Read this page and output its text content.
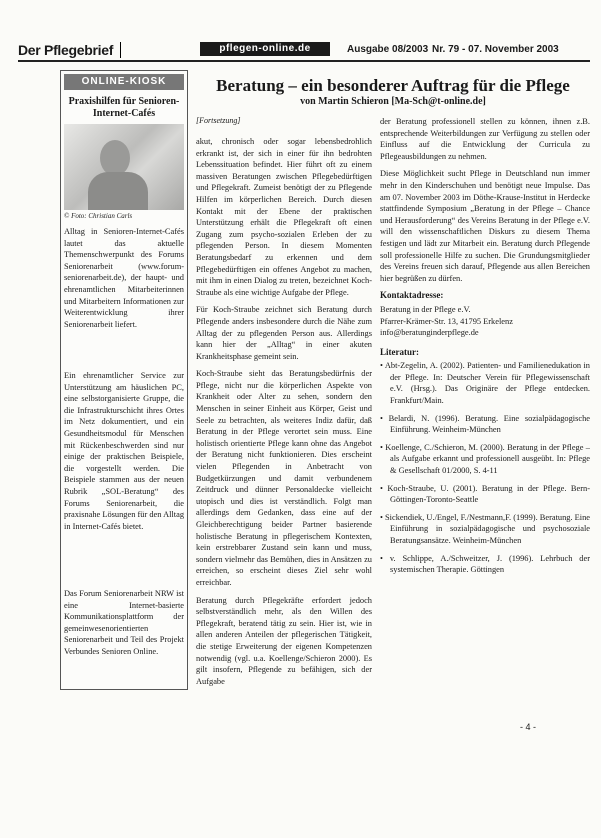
Der Pflegebrief	pflegen-online.de	Ausgabe 08/2003 Nr. 79 - 07. November 2003
ONLINE-KIOSK
Praxishilfen für Senioren-Internet-Cafés
© Foto: Christian Carls
Alltag in Senioren-Internet-Cafés lautet das aktuelle Themenschwerpunkt des Forums Seniorenarbeit (www.forum-seniorenarbeit.de), der haupt- und ehrenamtlichen Mitarbeiterinnen und Mitarbeitern Informationen zur Weiterentwicklung ihrer Seniorenarbeit liefert.
Ein ehrenamtlicher Service zur Unterstützung am häuslichen PC, eine selbstorganisierte Gruppe, die die Infrastrukturschicht ihres Ortes im Netz dokumentiert, und ein Gesundheitsmodul für Menschen mit Rückenbeschwerden sind nur einige der praktischen Beispiele, die vorgestellt werden. Die Beispiele stammen aus der neuen Rubrik „SOL-Beratung“ des Forums Seniorenarbeit, die praxisnahe Lösungen für den Alltag in Internet-Cafés bietet.
Das Forum Seniorenarbeit NRW ist eine Internet-basierte Kommunikationsplattform der gemeinwesenorientierten Seniorenarbeit und Teil des Projekt Verbundes Senioren Online.
Beratung – ein besonderer Auftrag für die Pflege
von Martin Schieron [Ma-Sch@t-online.de]
[Fortsetzung]

akut, chronisch oder sogar lebensbedrohlich erkrankt ist, der sich in einer für ihn bedrohten Lebenssituation befindet. Hier führt oft zu einem massiven Beratungen zwischen Pflegebedürftigen und Pflegekraft. Zumeist benötigt der zu Pflegende Hilfen im körperlichen Bereich. Durch diesen Kontakt mit der Ebene der praktischen Unterstützung erhält die Pflegekraft oft einen Zugang zum psycho-sozialen Erleben der zu pflegenden Person. In diesem Momenten Beratungsbedarf zu erkennen und dem Pflegebedürftigen ein offenes Angebot zu machen, mit ihm in einen Dialog zu treten, bezeichnet Koch-Straube als eine wichtige Aufgabe der Pflege.

Für Koch-Straube zeichnet sich Beratung durch Pflegende anders insbesondere durch die Nähe zum Alltag der zu pflegenden Person aus. Allerdings kann hier der „Alltag“ in einer akuten Krankheitsphase gemeint sein.

Koch-Straube sieht das Beratungsbedürfnis der Pflege, nicht nur die körperlichen Aspekte von Krankheit oder Alter zu sehen, sondern den Menschen in seiner Einheit aus Körper, Geist und Seele zu betrachten, als weiteres Indiz dafür, daß Beratung in der Pflege verortet sein muss. Eine holistisch orientierte Pflege kann ohne das Angebot der Beratung nicht funktionieren. Dies erscheint vielen Pflegenden in Anbetracht von Budgetkürzungen und damit verbundenem Zeitdruck und dünner Personaldecke vielleicht utopisch und dies ist verständlich. Folgt man allerdings dem Gedanken, dass eine auf der Gleichberechtigung beider Partner basierende holistische Beratung in pflegerischem Kontexten, kein erstrebbarer Zustand sein kann und muss, sondern vielmehr das Bemühen, dies in Ansätzen zu erreichen, so erscheint dieses Ziel sehr wohl erreichbar.

Beratung durch Pflegekräfte erfordert jedoch selbstverständlich mehr, als den Willen des Pflegekraft, beratend tätig zu sein. Hier ist, wie in allen anderen Anteilen der pflegerischen Tätigkeit, die stetige Erweiterung der eigenen Kompetenzen notwendig (vgl. u.a. Koellenge/Schieron 2000). Es gilt insofern, Pflegende zu befähigen, sich der Aufgabe

der Beratung professionell stellen zu können, ihnen z.B. entsprechende Weiterbildungen zur Verfügung zu stellen oder Einfluss auf die Entwicklung der Curricula zu Pflegeausbildungen zu nehmen.

Diese Möglichkeit sucht Pflege in Deutschland nun immer mehr in den Kinderschuhen und benötigt neue Impulse. Das am 07. November 2003 im Döthe-Krause-Institut in Herdecke stattfindende Symposium „Beratung in der Pflege – Chance und Herausforderung“ des Vereins Beratung in der Pflege e.V. will den wissenschaftlichen Diskurs zu diesem Thema festigen und lädt zur Mitarbeit ein. Beratung durch Pflegende soll professionelle Hilfe zu suchen. Die Grundungsmitglieder des Vereins freuen sich darauf, Pflegende aus allen Bereichen hier begrüßen zu dürfen.

Kontaktadresse:
Beratung in der Pflege e.V.
Pfarrer-Krämer-Str. 13, 41795 Erkelenz
info@beratunginderpflege.de
Literatur:
• Abt-Zegelin, A. (2002). Patienten- und Familienedukation in der Pflege. In: Deutscher Verein für Pflegewissenschaft e.V. (Hrsg.). Das Originäre der Pflege entdecken. Frankfurt/Main.
• Belardi, N. (1996). Beratung. Eine sozialpädagogische Einführung. Weinheim-München
• Koellenge, C./Schieron, M. (2000). Beratung in der Pflege – als Aufgabe erkannt und professionell ausgeübt. In: Pflege & Gesellschaft 01/2000, S. 4-11
• Koch-Straube, U. (2001). Beratung in der Pflege. Bern-Göttingen-Toronto-Seattle
• Sickendiek, U./Engel, F./Nestmann,F. (1999). Beratung. Eine Einführung in sozialpädagogische und psychosoziale Beratungsansätze. Weinheim-München
• v. Schlippe, A./Schweitzer, J. (1996). Lehrbuch der systemischen Therapie. Göttingen
- 4 -
